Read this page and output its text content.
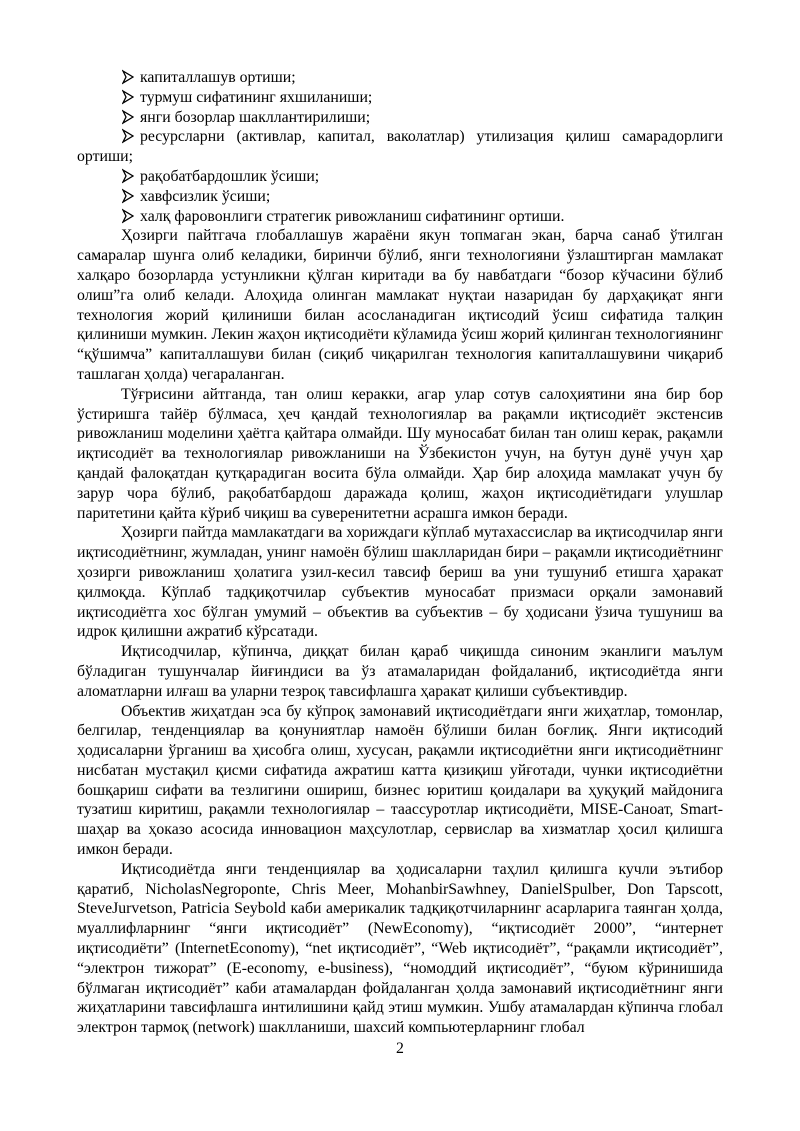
капиталлашув ортиши;
турмуш сифатининг яхшиланиши;
янги бозорлар шакллантирилиши;
ресурсларни (активлар, капитал, ваколатлар) утилизация қилиш самарадорлиги ортиши;
рақобатбардошлик ўсиши;
хавфсизлик ўсиши;
халқ фаровонлиги стратегик ривожланиш сифатининг ортиши.

Ҳозирги пайтгача глобаллашув жараёни якун топмаган экан, барча санаб ўтилган самаралар шунга олиб келадики, биринчи бўлиб, янги технологияни ўзлаштирган мамлакат халқаро бозорларда устунликни қўлган киритади ва бу навбатдаги “бозор кўчасини бўлиб олиш”га олиб келади. Алоҳида олинган мамлакат нуқтаи назаридан бу дарҳақиқат янги технология жорий қилиниши билан асосланадиган иқтисодий ўсиш сифатида талқин қилиниши мумкин. Лекин жаҳон иқтисодиёти кўламида ўсиш жорий қилинган технологиянинг “қўшимча” капиталлашуви билан (сиқиб чиқарилган технология капиталлашувини чиқариб ташлаган ҳолда) чегараланган.

Тўғрисини айтганда, тан олиш керакки, агар улар сотув салоҳиятини яна бир бор ўстиришга тайёр бўлмаса, ҳеч қандай технологиялар ва рақамли иқтисодиёт экстенсив ривожланиш моделини ҳаётга қайтара олмайди. Шу муносабат билан тан олиш керак, рақамли иқтисодиёт ва технологиялар ривожланиши на Ўзбекистон учун, на бутун дунё учун ҳар қандай фалоқатдан қутқарадиган восита бўла олмайди. Ҳар бир алоҳида мамлакат учун бу зарур чора бўлиб, рақобатбардош даражада қолиш, жаҳон иқтисодиётидаги улушлар паритетини қайта кўриб чиқиш ва суверенитетни асрашга имкон беради.

Ҳозирги пайтда мамлакатдаги ва хориждаги кўплаб мутахассислар ва иқтисодчилар янги иқтисодиётнинг, жумладан, унинг намоён бўлиш шаклларидан бири – рақамли иқтисодиётнинг ҳозирги ривожланиш ҳолатига узил-кесил тавсиф бериш ва уни тушуниб етишга ҳаракат қилмоқда. Кўплаб тадқиқотчилар субъектив муносабат призмаси орқали замонавий иқтисодиётга хос бўлган умумий – объектив ва субъектив – бу ҳодисани ўзича тушуниш ва идрок қилишни ажратиб кўрсатади.

Иқтисодчилар, кўпинча, диққат билан қараб чиқишда синоним эканлиги маълум бўладиган тушунчалар йиғиндиси ва ўз атамаларидан фойдаланиб, иқтисодиётда янги аломатларни илғаш ва уларни тезроқ тавсифлашга ҳаракат қилиши субъективдир.

Объектив жиҳатдан эса бу кўпроқ замонавий иқтисодиётдаги янги жиҳатлар, томонлар, белгилар, тенденциялар ва қонуниятлар намоён бўлиши билан боғлиқ. Янги иқтисодий ҳодисаларни ўрганиш ва ҳисобга олиш, хусусан, рақамли иқтисодиётни янги иқтисодиётнинг нисбатан мустақил қисми сифатида ажратиш катта қизиқиш уйғотади, чунки иқтисодиётни бошқариш сифати ва тезлигини ошириш, бизнес юритиш қоидалари ва ҳуқуқий майдонига тузатиш киритиш, рақамли технологиялар – таассуротлар иқтисодиёти, MISE-Саноат, Smart-шаҳар ва ҳоказо асосида инновацион маҳсулотлар, сервислар ва хизматлар ҳосил қилишга имкон беради.

Иқтисодиётда янги тенденциялар ва ҳодисаларни таҳлил қилишга кучли эътибор қаратиб, NicholasNegroponte, Chris Meer, MohanbirSawhney, DanielSpulber, Don Tapscott, SteveJurvetson, Patricia Seybold каби америкалик тадқиқотчиларнинг асарларига таянган ҳолда, муаллифларнинг “янги иқтисодиёт” (NewEconomy), “иқтисодиёт 2000”, “интернет иқтисодиёти” (InternetEconomy), “net иқтисодиёт”, “Web иқтисодиёт”, “рақамли иқтисодиёт”, “электрон тижорат” (E-economy, e-business), “номоддий иқтисодиёт”, “буюм кўринишида бўлмаган иқтисодиёт” каби атамалардан фойдаланган ҳолда замонавий иқтисодиётнинг янги жиҳатларини тавсифлашга интилишини қайд этиш мумкин. Ушбу атамалардан кўпинча глобал электрон тармоқ (network) шаклланиши, шахсий компьютерларнинг глобал

2
